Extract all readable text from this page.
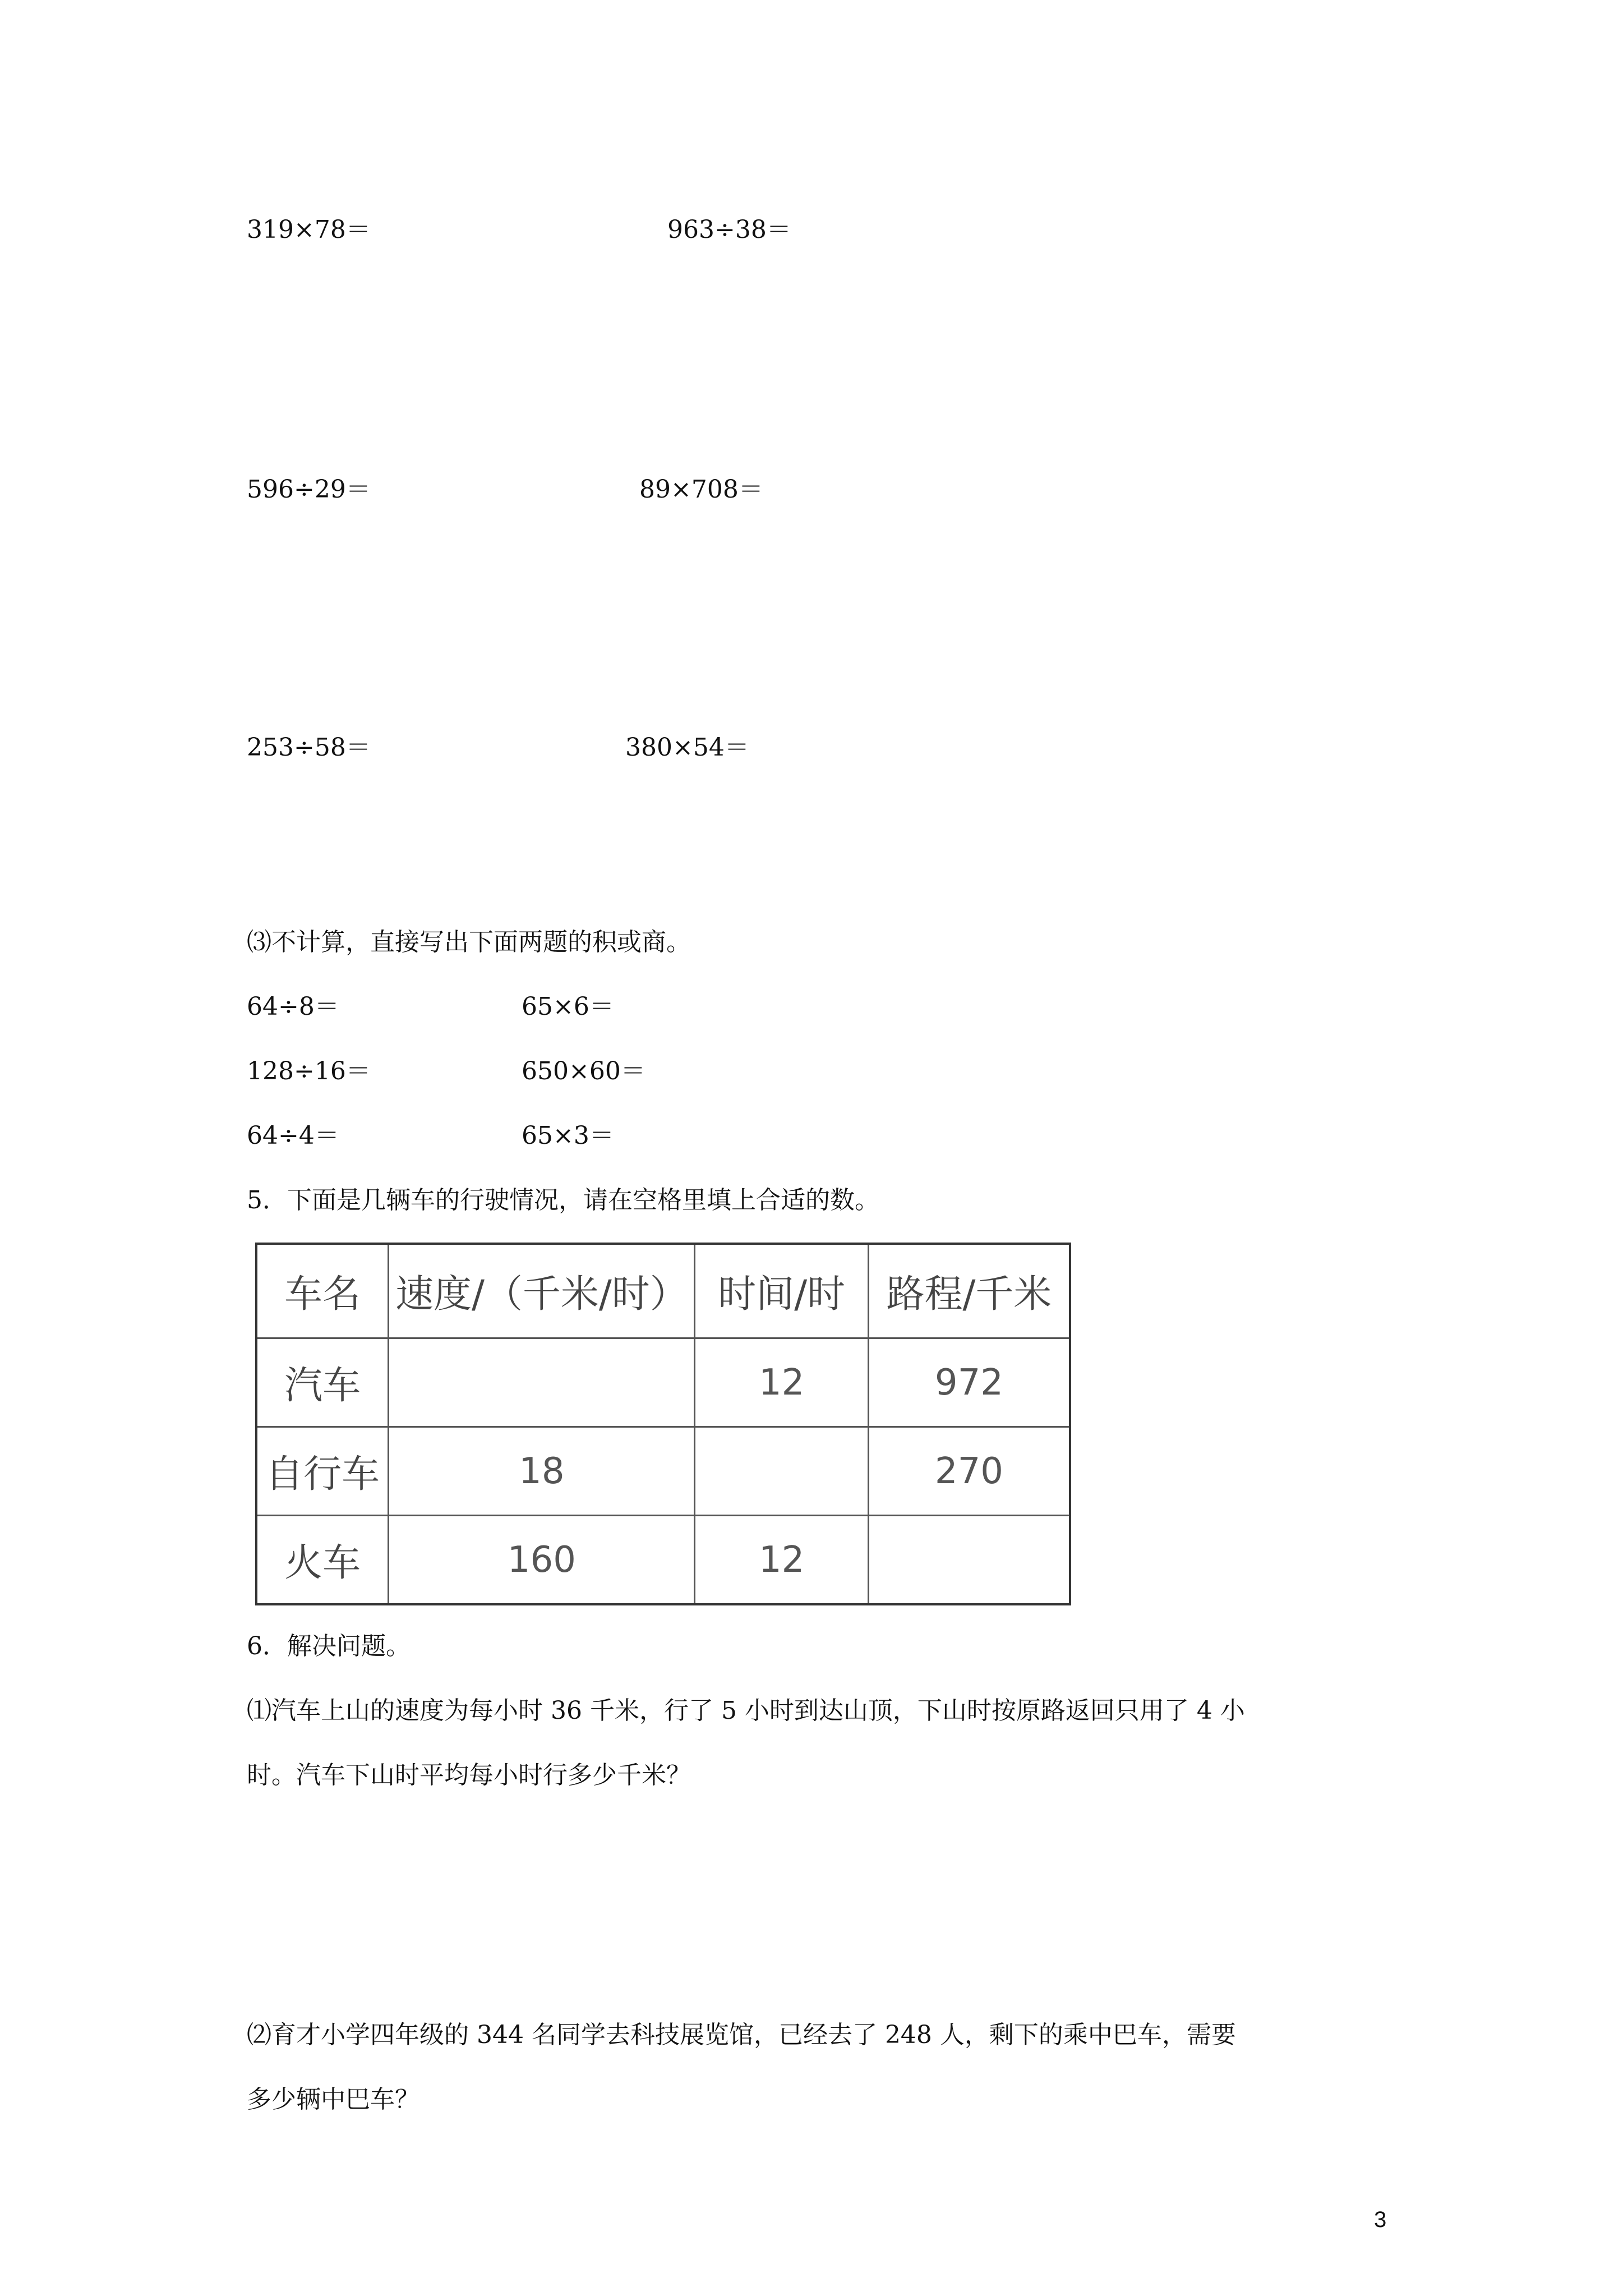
319×78＝	963÷38＝
596÷29＝	89×708＝
253÷58＝	380×54＝
⑶不计算，直接写出下面两题的积或商。
64÷8＝	65×6＝
128÷16＝	650×60＝
64÷4＝	65×3＝
5．下面是几辆车的行驶情况，请在空格里填上合适的数。
车名	速度/（千米/时）	时间/时	路程/千米
汽车		12	972
自行车	18		270
火车	160	12	
6．解决问题。
⑴汽车上山的速度为每小时 36 千米，行了 5 小时到达山顶，下山时按原路返回只用了 4 小
时。汽车下山时平均每小时行多少千米？
⑵育才小学四年级的 344 名同学去科技展览馆，已经去了 248 人，剩下的乘中巴车，需要
多少辆中巴车？
3
